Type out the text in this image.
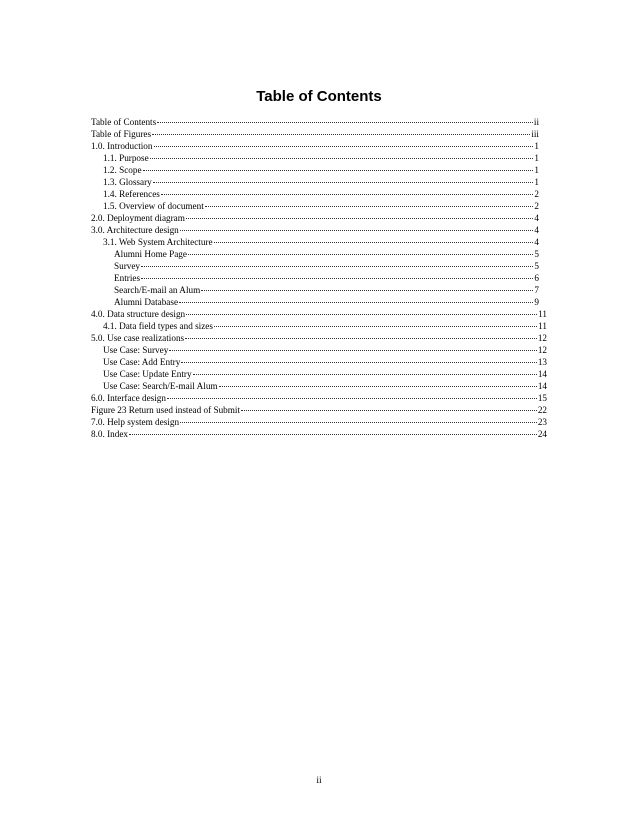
Table of Contents
Table of Contents	ii
Table of Figures	iii
1.0. Introduction	1
1.1. Purpose	1
1.2. Scope	1
1.3. Glossary	1
1.4. References	2
1.5. Overview of document	2
2.0. Deployment diagram	4
3.0. Architecture design	4
3.1. Web System Architecture	4
Alumni Home Page	5
Survey	5
Entries	6
Search/E-mail an Alum	7
Alumni Database	9
4.0. Data structure design	11
4.1. Data field types and sizes	11
5.0. Use case realizations	12
Use Case: Survey	12
Use Case: Add Entry	13
Use Case: Update Entry	14
Use Case: Search/E-mail Alum	14
6.0. Interface design	15
Figure 23 Return used instead of Submit	22
7.0. Help system design	23
8.0. Index	24
ii
